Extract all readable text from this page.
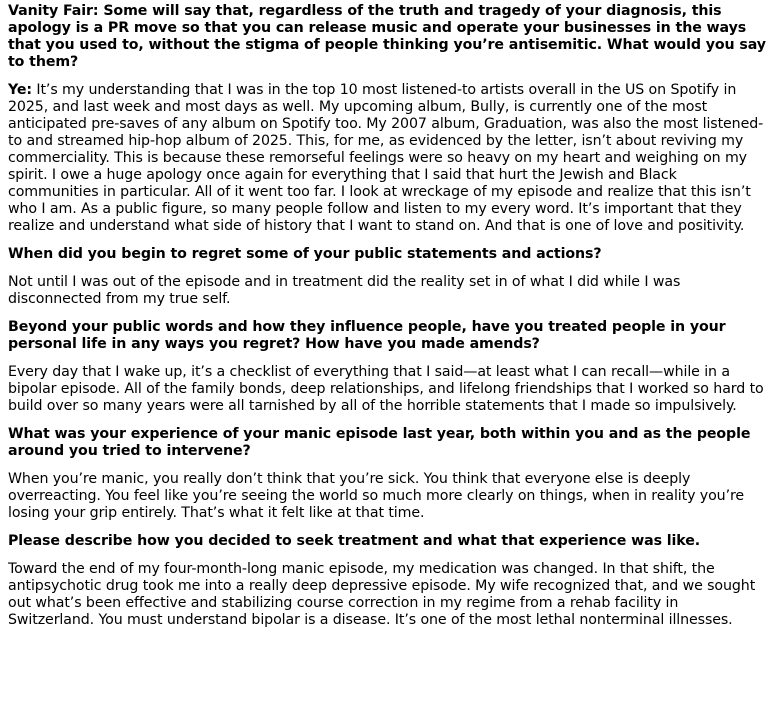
Vanity Fair: Some will say that, regardless of the truth and tragedy of your diagnosis, this apology is a PR move so that you can release music and operate your businesses in the ways that you used to, without the stigma of people thinking you’re antisemitic. What would you say to them?

Ye: It’s my understanding that I was in the top 10 most listened-to artists overall in the US on Spotify in 2025, and last week and most days as well. My upcoming album, Bully, is currently one of the most anticipated pre-saves of any album on Spotify too. My 2007 album, Graduation, was also the most listened-to and streamed hip-hop album of 2025. This, for me, as evidenced by the letter, isn’t about reviving my commerciality. This is because these remorseful feelings were so heavy on my heart and weighing on my spirit. I owe a huge apology once again for everything that I said that hurt the Jewish and Black communities in particular. All of it went too far. I look at wreckage of my episode and realize that this isn’t who I am. As a public figure, so many people follow and listen to my every word. It’s important that they realize and understand what side of history that I want to stand on. And that is one of love and positivity.

When did you begin to regret some of your public statements and actions?

Not until I was out of the episode and in treatment did the reality set in of what I did while I was disconnected from my true self.

Beyond your public words and how they influence people, have you treated people in your personal life in any ways you regret? How have you made amends?

Every day that I wake up, it’s a checklist of everything that I said—at least what I can recall—while in a bipolar episode. All of the family bonds, deep relationships, and lifelong friendships that I worked so hard to build over so many years were all tarnished by all of the horrible statements that I made so impulsively.

What was your experience of your manic episode last year, both within you and as the people around you tried to intervene?

When you’re manic, you really don’t think that you’re sick. You think that everyone else is deeply overreacting. You feel like you’re seeing the world so much more clearly on things, when in reality you’re losing your grip entirely. That’s what it felt like at that time.

Please describe how you decided to seek treatment and what that experience was like.

Toward the end of my four-month-long manic episode, my medication was changed. In that shift, the antipsychotic drug took me into a really deep depressive episode. My wife recognized that, and we sought out what’s been effective and stabilizing course correction in my regime from a rehab facility in Switzerland. You must understand bipolar is a disease. It’s one of the most lethal nonterminal illnesses.
